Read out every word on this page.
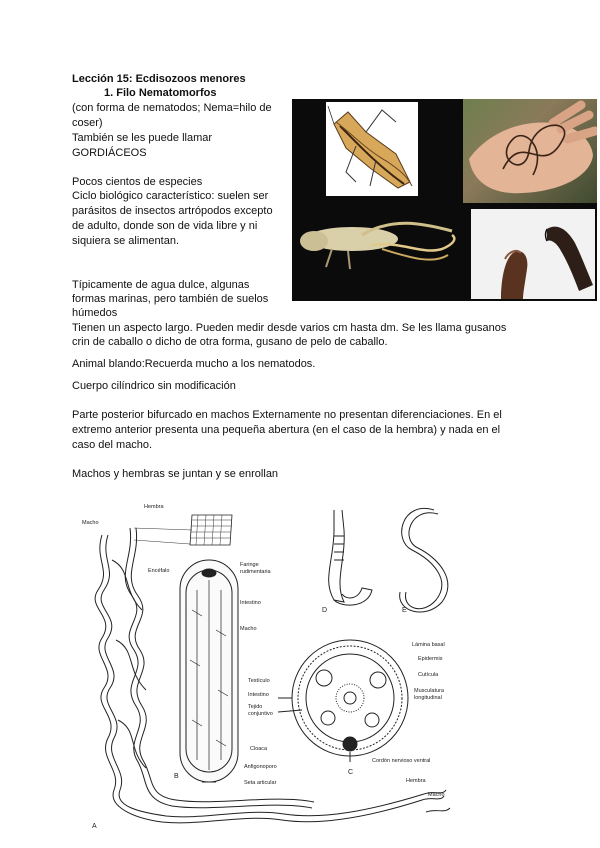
Lección 15: Ecdisozoos menores
1. Filo Nematomorfos
(con forma de nematodos; Nema=hilo de
coser)
También se les puede llamar
GORDIÁCEOS
Pocos cientos de especies
Ciclo biológico característico: suelen ser
parásitos de insectos artrópodos excepto
de adulto, donde son de vida libre y ni
siquiera se alimentan.
Típicamente de agua dulce, algunas
formas marinas, pero también de suelos
húmedos
Tienen un aspecto largo. Pueden medir desde varios cm hasta dm. Se les llama gusanos
crin de caballo o dicho de otra forma, gusano de pelo de caballo.
Animal blando:Recuerda mucho a los nematodos.
Cuerpo cilíndrico sin modificación
Parte posterior bifurcado en machos Externamente no presentan diferenciaciones. En el
extremo anterior presenta una pequeña abertura (en el caso de la hembra) y nada en el
caso del macho.
Machos y hembras se juntan y se enrollan
Hembra
Macho
Encéfalo
Faringe
rudimentaria
Intestino
Macho
Testículo
Intestino
Tejido
conjuntivo
Cloaca
Anfigonoporo
Seta articular
Lámina basal
Epidermis
Cutícula
Musculatura
longitudinal
Cordón nervioso ventral
Hembra
Macho
A
B
C
D	E
